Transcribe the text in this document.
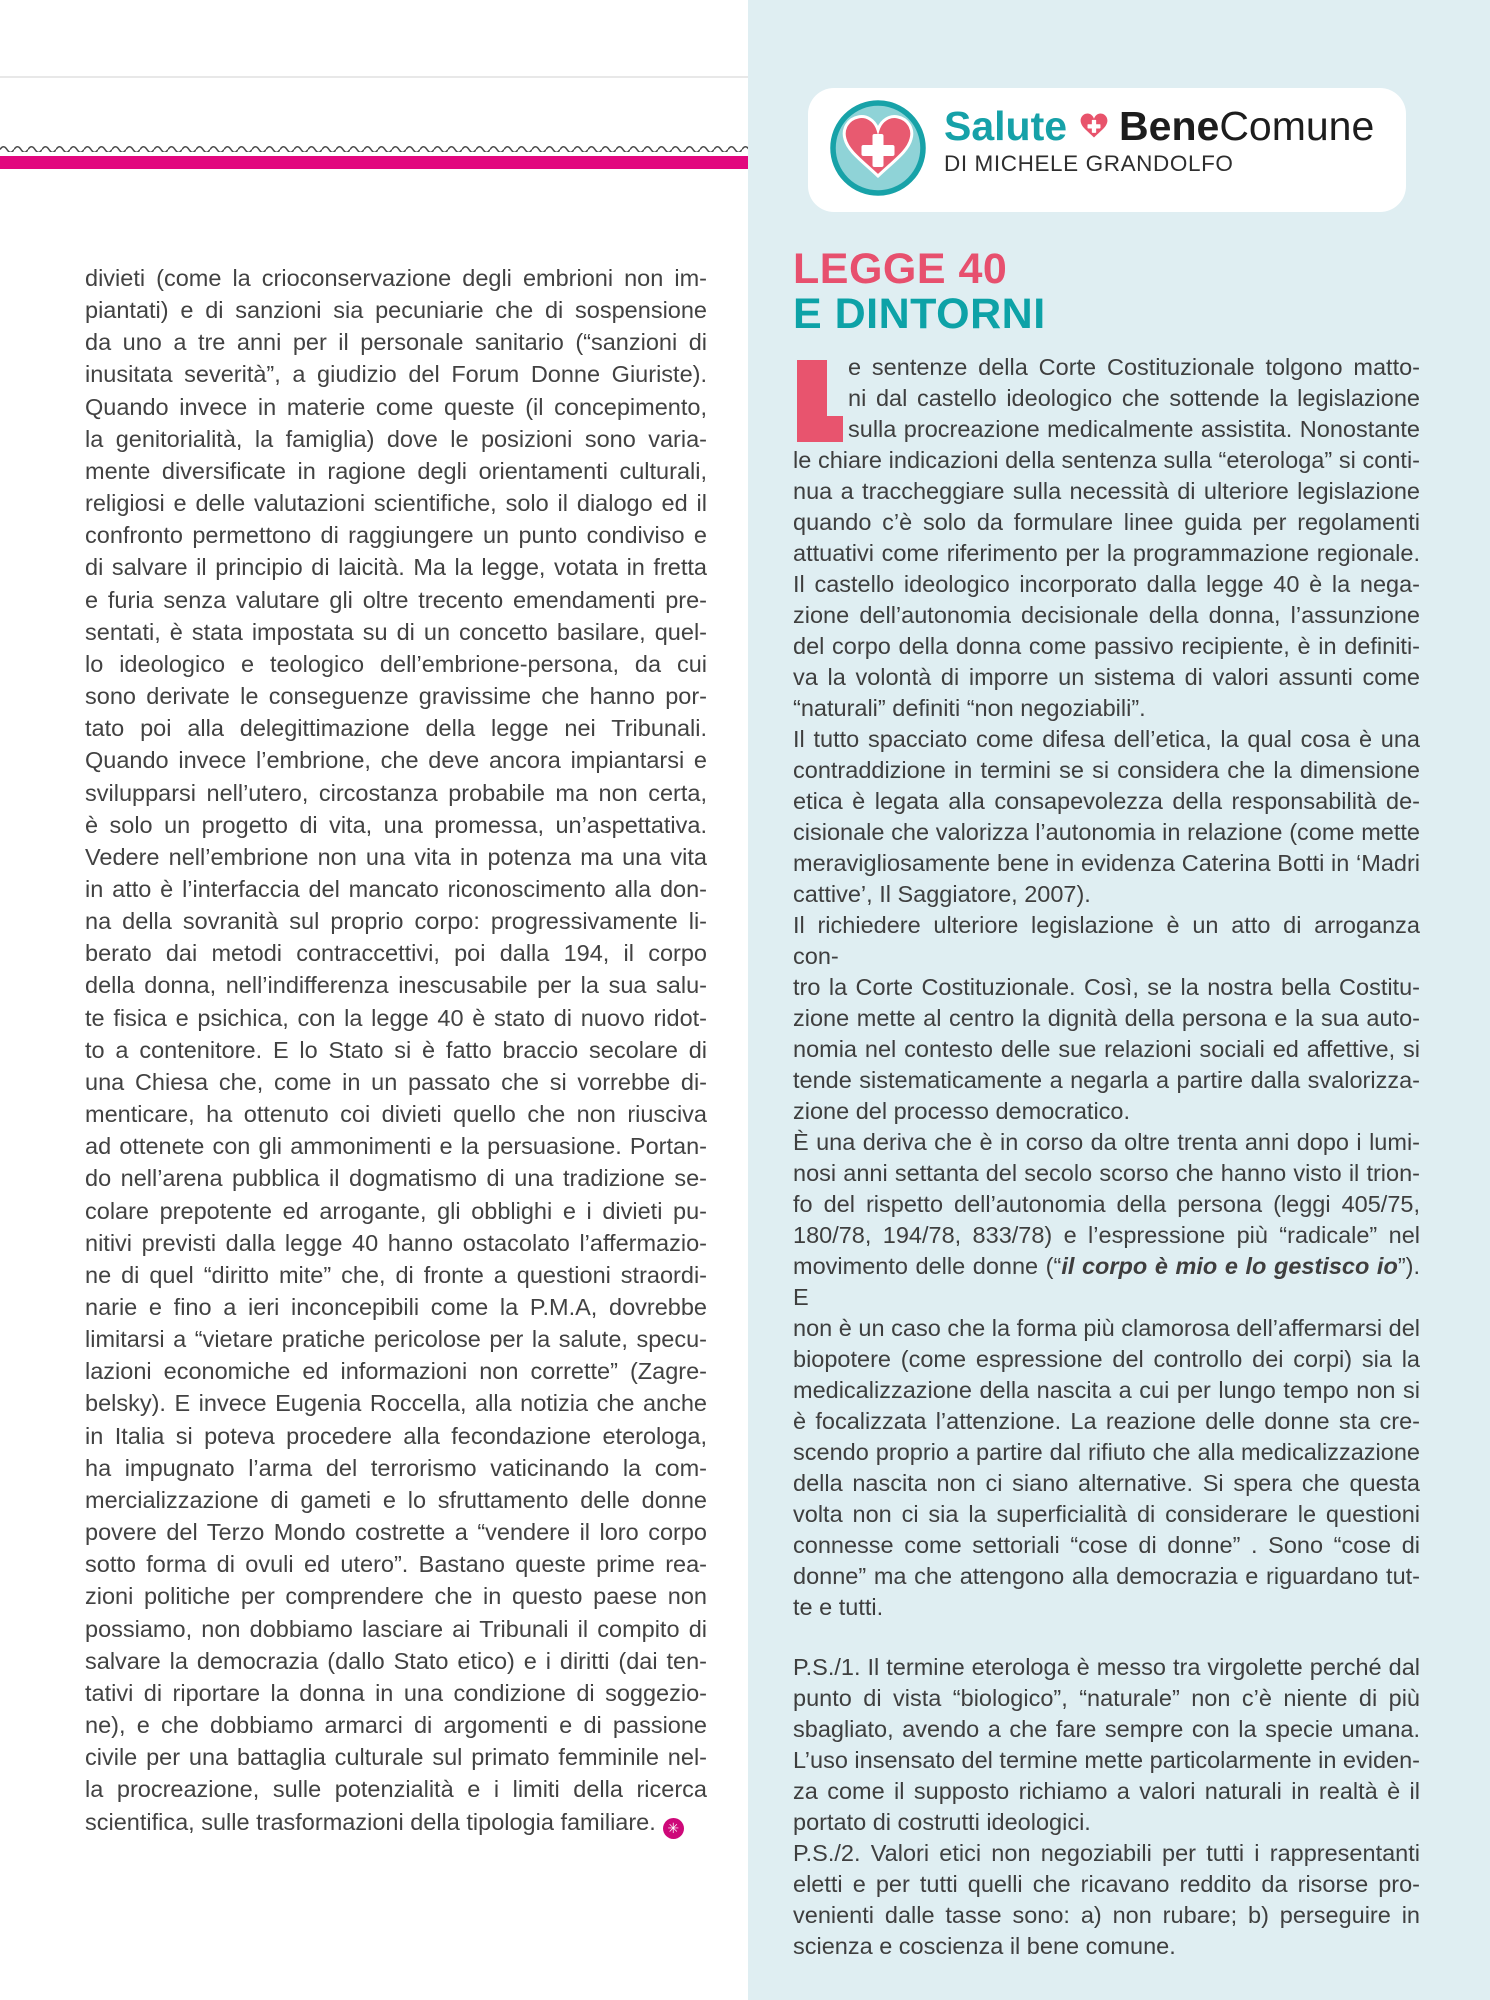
divieti (come la crioconservazione degli embrioni non im-
piantati) e di sanzioni sia pecuniarie che di sospensione
da uno a tre anni per il personale sanitario (“sanzioni di
inusitata severità”, a giudizio del Forum Donne Giuriste).
Quando invece in materie come queste (il concepimento,
la genitorialità, la famiglia) dove le posizioni sono varia-
mente diversificate in ragione degli orientamenti culturali,
religiosi e delle valutazioni scientifiche, solo il dialogo ed il
confronto permettono di raggiungere un punto condiviso e
di salvare il principio di laicità. Ma la legge, votata in fretta
e furia senza valutare gli oltre trecento emendamenti pre-
sentati, è stata impostata su di un concetto basilare, quel-
lo ideologico e teologico dell’embrione-persona, da cui
sono derivate le conseguenze gravissime che hanno por-
tato poi alla delegittimazione della legge nei Tribunali.
Quando invece l’embrione, che deve ancora impiantarsi e
svilupparsi nell’utero, circostanza probabile ma non certa,
è solo un progetto di vita, una promessa, un’aspettativa.
Vedere nell’embrione non una vita in potenza ma una vita
in atto è l’interfaccia del mancato riconoscimento alla don-
na della sovranità sul proprio corpo: progressivamente li-
berato dai metodi contraccettivi, poi dalla 194, il corpo
della donna, nell’indifferenza inescusabile per la sua salu-
te fisica e psichica, con la legge 40 è stato di nuovo ridot-
to a contenitore. E lo Stato si è fatto braccio secolare di
una Chiesa che, come in un passato che si vorrebbe di-
menticare, ha ottenuto coi divieti quello che non riusciva
ad ottenete con gli ammonimenti e la persuasione. Portan-
do nell’arena pubblica il dogmatismo di una tradizione se-
colare prepotente ed arrogante, gli obblighi e i divieti pu-
nitivi previsti dalla legge 40 hanno ostacolato l’affermazio-
ne di quel “diritto mite” che, di fronte a questioni straordi-
narie e fino a ieri inconcepibili come la P.M.A, dovrebbe
limitarsi a “vietare pratiche pericolose per la salute, specu-
lazioni economiche ed informazioni non corrette” (Zagre-
belsky). E invece Eugenia Roccella, alla notizia che anche
in Italia si poteva procedere alla fecondazione eterologa,
ha impugnato l’arma del terrorismo vaticinando la com-
mercializzazione di gameti e lo sfruttamento delle donne
povere del Terzo Mondo costrette a “vendere il loro corpo
sotto forma di ovuli ed utero”. Bastano queste prime rea-
zioni politiche per comprendere che in questo paese non
possiamo, non dobbiamo lasciare ai Tribunali il compito di
salvare la democrazia (dallo Stato etico) e i diritti (dai ten-
tativi di riportare la donna in una condizione di soggezio-
ne), e che dobbiamo armarci di argomenti e di passione
civile per una battaglia culturale sul primato femminile nel-
la procreazione, sulle potenzialità e i limiti della ricerca
scientifica, sulle trasformazioni della tipologia familiare. ✳
Salute Bene Comune
DI MICHELE GRANDOLFO
LEGGE 40
E DINTORNI
e sentenze della Corte Costituzionale tolgono matto-
ni dal castello ideologico che sottende la legislazione
sulla procreazione medicalmente assistita. Nonostante
le chiare indicazioni della sentenza sulla “eterologa” si conti-
nua a traccheggiare sulla necessità di ulteriore legislazione
quando c’è solo da formulare linee guida per regolamenti
attuativi come riferimento per la programmazione regionale.
Il castello ideologico incorporato dalla legge 40 è la nega-
zione dell’autonomia decisionale della donna, l’assunzione
del corpo della donna come passivo recipiente, è in definiti-
va la volontà di imporre un sistema di valori assunti come
“naturali” definiti “non negoziabili”.
Il tutto spacciato come difesa dell’etica, la qual cosa è una
contraddizione in termini se si considera che la dimensione
etica è legata alla consapevolezza della responsabilità de-
cisionale che valorizza l’autonomia in relazione (come mette
meravigliosamente bene in evidenza Caterina Botti in ‘Madri
cattive’, Il Saggiatore, 2007).
Il richiedere ulteriore legislazione è un atto di arroganza con-
tro la Corte Costituzionale. Così, se la nostra bella Costitu-
zione mette al centro la dignità della persona e la sua auto-
nomia nel contesto delle sue relazioni sociali ed affettive, si
tende sistematicamente a negarla a partire dalla svalorizza-
zione del processo democratico.
È una deriva che è in corso da oltre trenta anni dopo i lumi-
nosi anni settanta del secolo scorso che hanno visto il trion-
fo del rispetto dell’autonomia della persona (leggi 405/75,
180/78, 194/78, 833/78) e l’espressione più “radicale” nel
movimento delle donne (“il corpo è mio e lo gestisco io”). E
non è un caso che la forma più clamorosa dell’affermarsi del
biopotere (come espressione del controllo dei corpi) sia la
medicalizzazione della nascita a cui per lungo tempo non si
è focalizzata l’attenzione. La reazione delle donne sta cre-
scendo proprio a partire dal rifiuto che alla medicalizzazione
della nascita non ci siano alternative. Si spera che questa
volta non ci sia la superficialità di considerare le questioni
connesse come settoriali “cose di donne” . Sono “cose di
donne” ma che attengono alla democrazia e riguardano tut-
te e tutti.
P.S./1. Il termine eterologa è messo tra virgolette perché dal
punto di vista “biologico”, “naturale” non c’è niente di più
sbagliato, avendo a che fare sempre con la specie umana.
L’uso insensato del termine mette particolarmente in eviden-
za come il supposto richiamo a valori naturali in realtà è il
portato di costrutti ideologici.
P.S./2. Valori etici non negoziabili per tutti i rappresentanti
eletti e per tutti quelli che ricavano reddito da risorse pro-
venienti dalle tasse sono: a) non rubare; b) perseguire in
scienza e coscienza il bene comune.
